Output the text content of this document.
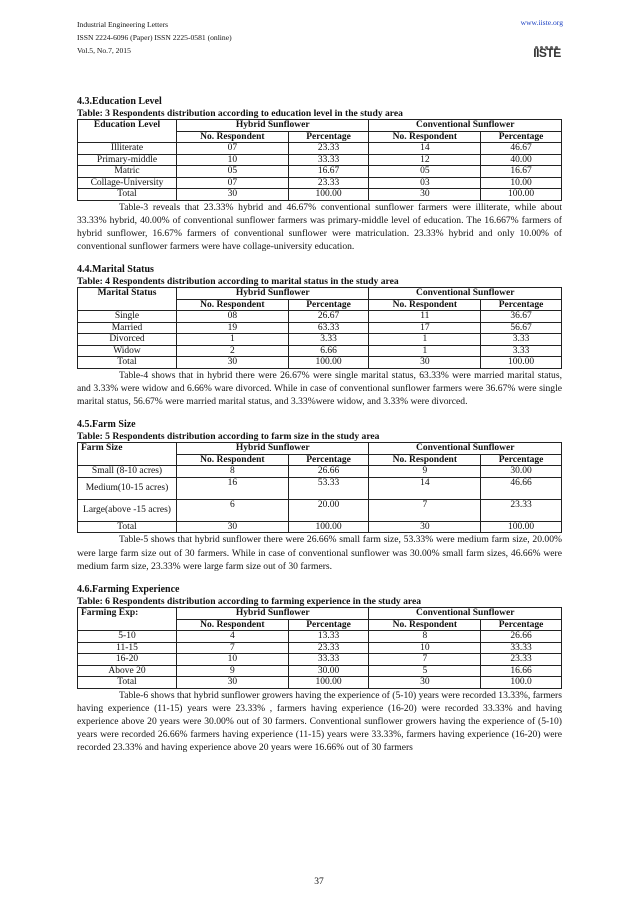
Industrial Engineering Letters
ISSN 2224-6096 (Paper) ISSN 2225-0581 (online)
Vol.5, No.7, 2015
www.iiste.org
IISTE
4.3.Education Level
Table: 3 Respondents distribution according to education level in the study area
Education Level	Hybrid Sunflower		Conventional Sunflower	
	No. Respondent	Percentage	No. Respondent	Percentage
Illiterate	07	23.33	14	46.67
Primary-middle	10	33.33	12	40.00
Matric	05	16.67	05	16.67
Collage-University	07	23.33	03	10.00
Total	30	100.00	30	100.00

Table-3 reveals that 23.33% hybrid and 46.67% conventional sunflower farmers were illiterate, while about 33.33% hybrid, 40.00% of conventional sunflower farmers was primary-middle level of education. The 16.667% farmers of hybrid sunflower, 16.67% farmers of conventional sunflower were matriculation. 23.33% hybrid and only 10.00% of conventional sunflower farmers were have collage-university education.

4.4.Marital Status
Table: 4 Respondents distribution according to marital status in the study area
Marital Status	Hybrid Sunflower		Conventional Sunflower	
	No. Respondent	Percentage	No. Respondent	Percentage
Single	08	26.67	11	36.67
Married	19	63.33	17	56.67
Divorced	1	3.33	1	3.33
Widow	2	6.66	1	3.33
Total	30	100.00	30	100.00

Table-4 shows that in hybrid there were 26.67% were single marital status, 63.33% were married marital status, and 3.33% were widow and 6.66% ware divorced. While in case of conventional sunflower farmers were 36.67% were single marital status, 56.67% were married marital status, and 3.33%were widow, and 3.33% were divorced.

4.5.Farm Size
Table: 5 Respondents distribution according to farm size in the study area
Farm Size	Hybrid Sunflower		Conventional Sunflower	
	No. Respondent	Percentage	No. Respondent	Percentage
Small (8-10 acres)	8	26.66	9	30.00
Medium(10-15 acres)	16	53.33	14	46.66
Large(above -15 acres)	6	20.00	7	23.33
Total	30	100.00	30	100.00

Table-5 shows that hybrid sunflower there were 26.66% small farm size, 53.33% were medium farm size, 20.00% were large farm size out of 30 farmers. While in case of conventional sunflower was 30.00% small farm sizes, 46.66% were medium farm size, 23.33% were large farm size out of 30 farmers.

4.6.Farming Experience
Table: 6 Respondents distribution according to farming experience in the study area
Farming Exp:	Hybrid Sunflower		Conventional Sunflower	
	No. Respondent	Percentage	No. Respondent	Percentage
5-10	4	13.33	8	26.66
11-15	7	23.33	10	33.33
16-20	10	33.33	7	23.33
Above 20	9	30.00	5	16.66
Total	30	100.00	30	100.0

Table-6 shows that hybrid sunflower growers having the experience of (5-10) years were recorded 13.33%, farmers having experience (11-15) years were 23.33% , farmers having experience (16-20) were recorded 33.33% and having experience above 20 years were 30.00% out of 30 farmers. Conventional sunflower growers having the experience of (5-10) years were recorded 26.66% farmers having experience (11-15) years were 33.33%, farmers having experience (16-20) were recorded 23.33% and having experience above 20 years were 16.66% out of 30 farmers

37
